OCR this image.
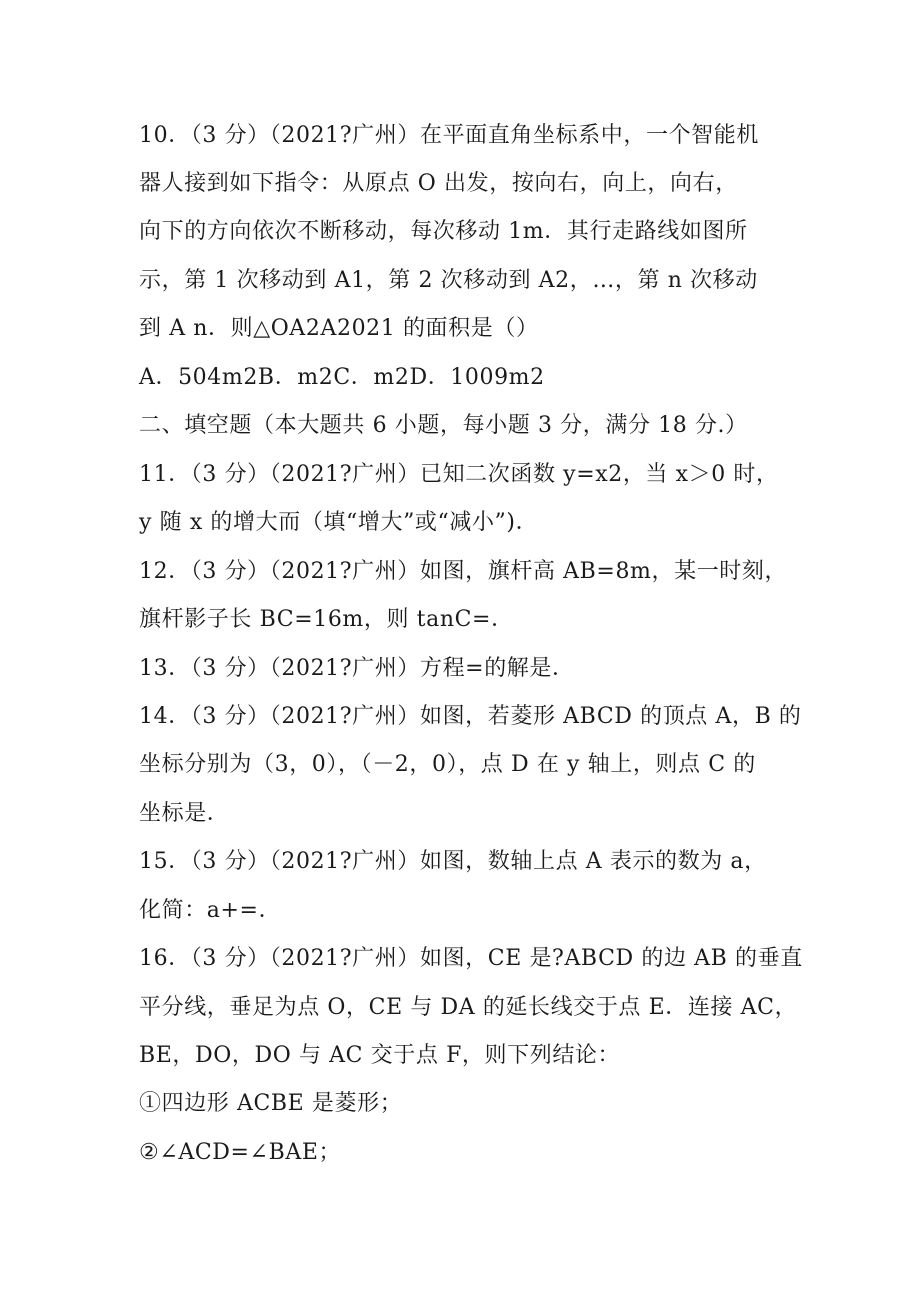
10．（3 分）（2021?广州）在平面直角坐标系中，一个智能机
器人接到如下指令：从原点 O 出发，按向右，向上，向右，
向下的方向依次不断移动，每次移动 1m．其行走路线如图所
示，第 1 次移动到 A1，第 2 次移动到 A2，…，第 n 次移动
到 A n．则△OA2A2021 的面积是（）
A．504m2B．m2C．m2D．1009m2
二、填空题（本大题共 6 小题，每小题 3 分，满分 18 分.）
11．（3 分）（2021?广州）已知二次函数 y=x2，当 x＞0 时，
y 随 x 的增大而（填“增大”或“减小”)．
12．（3 分）（2021?广州）如图，旗杆高 AB=8m，某一时刻，
旗杆影子长 BC=16m，则 tanC=．
13．（3 分）（2021?广州）方程=的解是．
14．（3 分）（2021?广州）如图，若菱形 ABCD 的顶点 A，B 的
坐标分别为（3，0），（－2，0），点 D 在 y 轴上，则点 C 的
坐标是．
15．（3 分）（2021?广州）如图，数轴上点 A 表示的数为 a，
化简：a+=．
16．（3 分）（2021?广州）如图，CE 是?ABCD 的边 AB 的垂直
平分线，垂足为点 O，CE 与 DA 的延长线交于点 E．连接 AC，
BE，DO，DO 与 AC 交于点 F，则下列结论：
①四边形 ACBE 是菱形；
②∠ACD=∠BAE；
